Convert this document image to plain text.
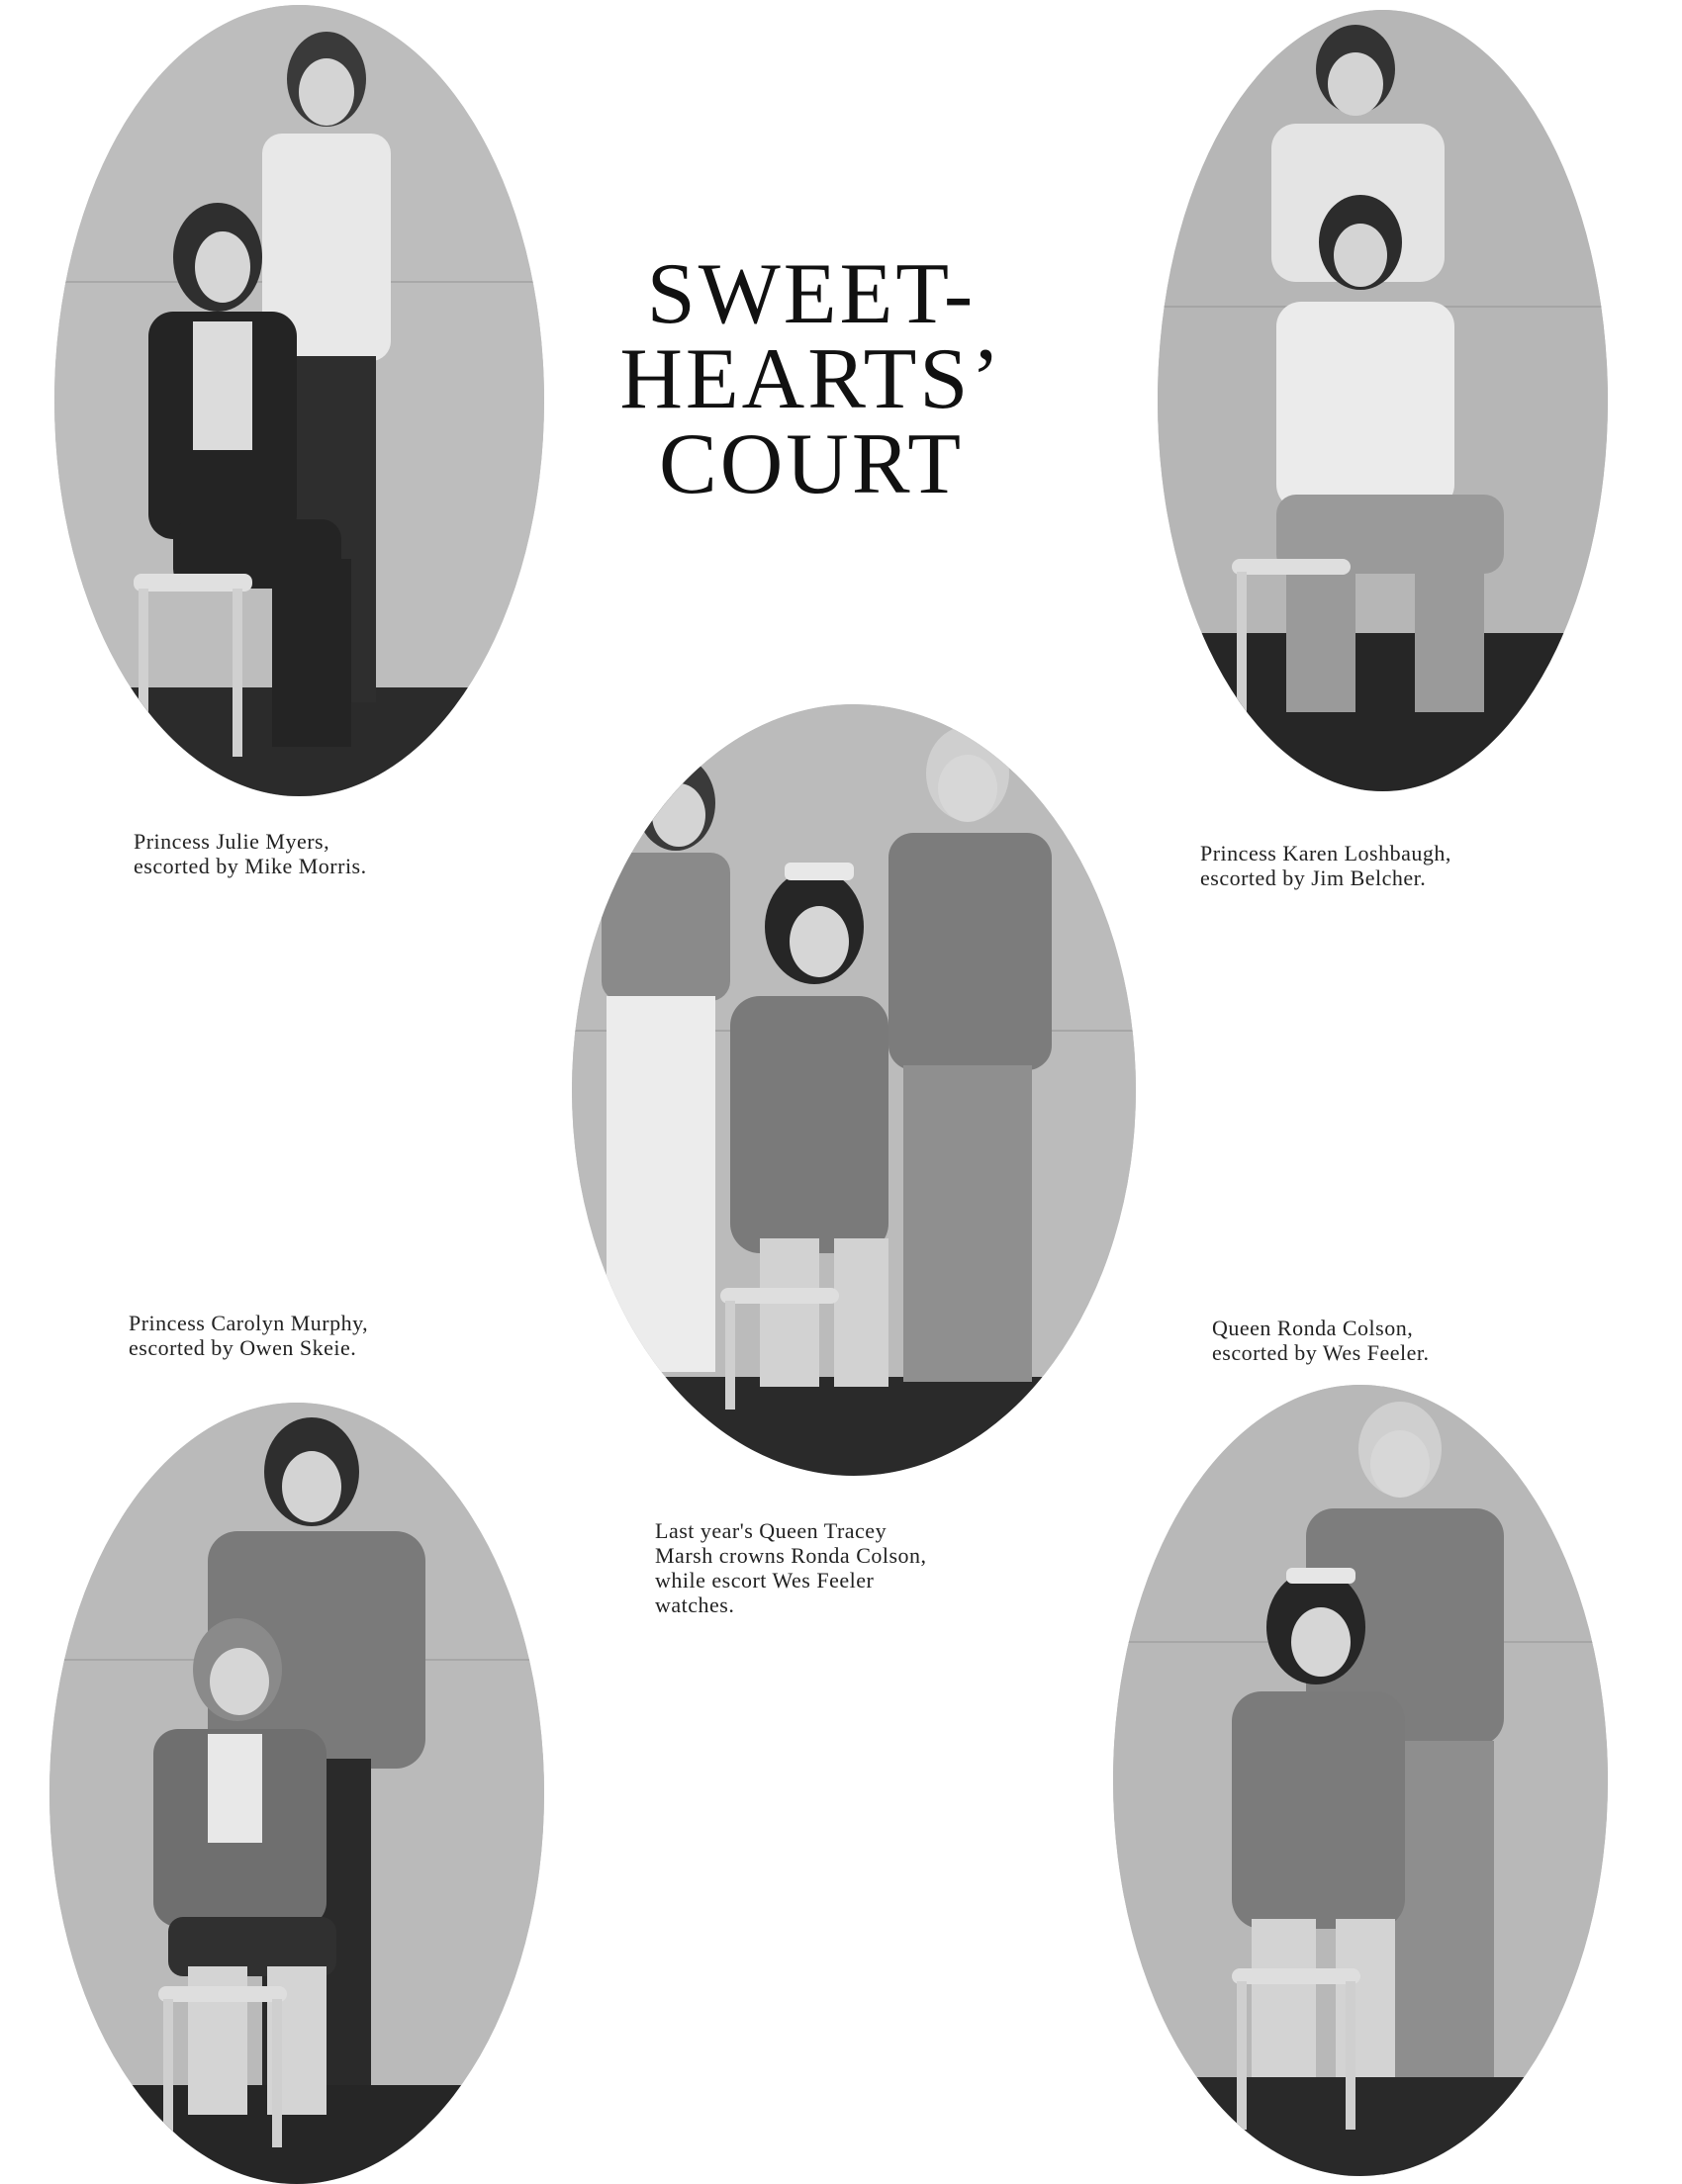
SWEET-
HEARTS’
COURT
Princess Julie Myers,
escorted by Mike Morris.
Princess Karen Loshbaugh,
escorted by Jim Belcher.
Princess Carolyn Murphy,
escorted by Owen Skeie.
Queen Ronda Colson,
escorted by Wes Feeler.
Last year's Queen Tracey
Marsh crowns Ronda Colson,
while escort Wes Feeler
watches.
